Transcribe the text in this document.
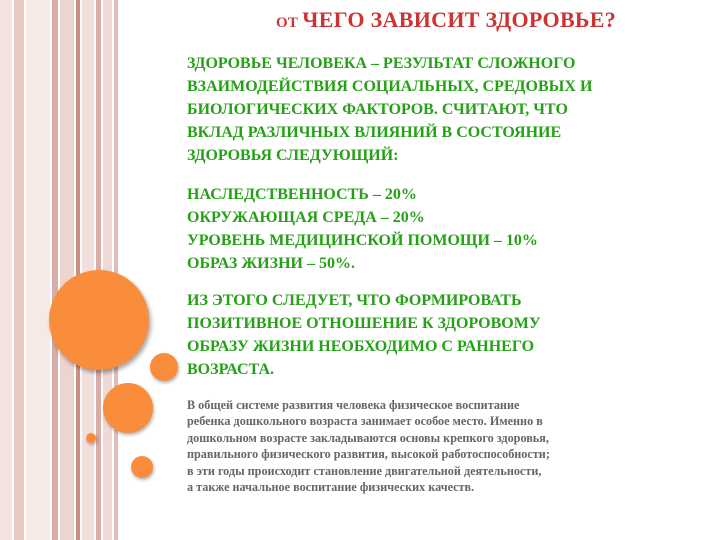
ОТ ЧЕГО ЗАВИСИТ ЗДОРОВЬЕ?
ЗДОРОВЬЕ ЧЕЛОВЕКА – РЕЗУЛЬТАТ СЛОЖНОГО
ВЗАИМОДЕЙСТВИЯ СОЦИАЛЬНЫХ, СРЕДОВЫХ И
БИОЛОГИЧЕСКИХ ФАКТОРОВ. СЧИТАЮТ, ЧТО
ВКЛАД РАЗЛИЧНЫХ ВЛИЯНИЙ В СОСТОЯНИЕ
ЗДОРОВЬЯ СЛЕДУЮЩИЙ:
НАСЛЕДСТВЕННОСТЬ – 20%
ОКРУЖАЮЩАЯ СРЕДА – 20%
УРОВЕНЬ МЕДИЦИНСКОЙ ПОМОЩИ – 10%
ОБРАЗ ЖИЗНИ – 50%.
ИЗ ЭТОГО СЛЕДУЕТ, ЧТО ФОРМИРОВАТЬ
ПОЗИТИВНОЕ ОТНОШЕНИЕ К ЗДОРОВОМУ
ОБРАЗУ ЖИЗНИ НЕОБХОДИМО С РАННЕГО
ВОЗРАСТА.
В общей системе развития человека физическое воспитание
ребенка дошкольного возраста занимает особое место. Именно в
дошкольном возрасте закладываются основы крепкого здоровья,
правильного физического развития, высокой работоспособности;
в эти годы происходит становление двигательной деятельности,
а также начальное воспитание физических качеств.
